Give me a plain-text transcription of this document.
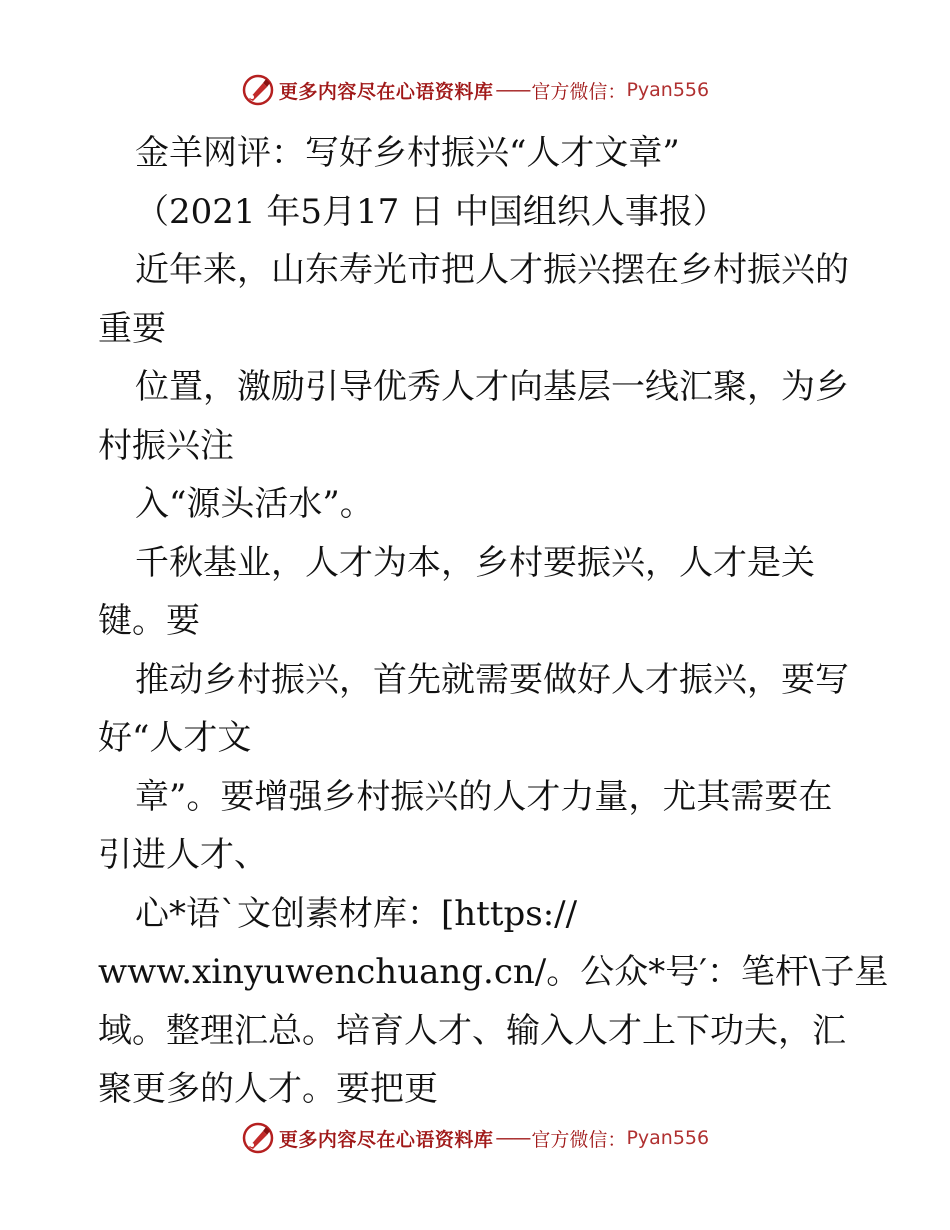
更多内容尽在心语资料库 —— 官方微信： Pyan556
金羊网评：写好乡村振兴“人才文章”
（2021 年5月17 日 中国组织人事报）
近年来，山东寿光市把人才振兴摆在乡村振兴的
重要
位置，激励引导优秀人才向基层一线汇聚，为乡
村振兴注
入“源头活水”。
千秋基业，人才为本，乡村要振兴，人才是关
键。要
推动乡村振兴，首先就需要做好人才振兴，要写
好“人才文
章”。要增强乡村振兴的人才力量，尤其需要在
引进人才、
心*语`文创素材库：[https://
www.xinyuwenchuang.cn/。公众*号′：笔杆\子星
域。整理汇总。培育人才、输入人才上下功夫，汇
聚更多的人才。要把更
更多内容尽在心语资料库 —— 官方微信： Pyan556
